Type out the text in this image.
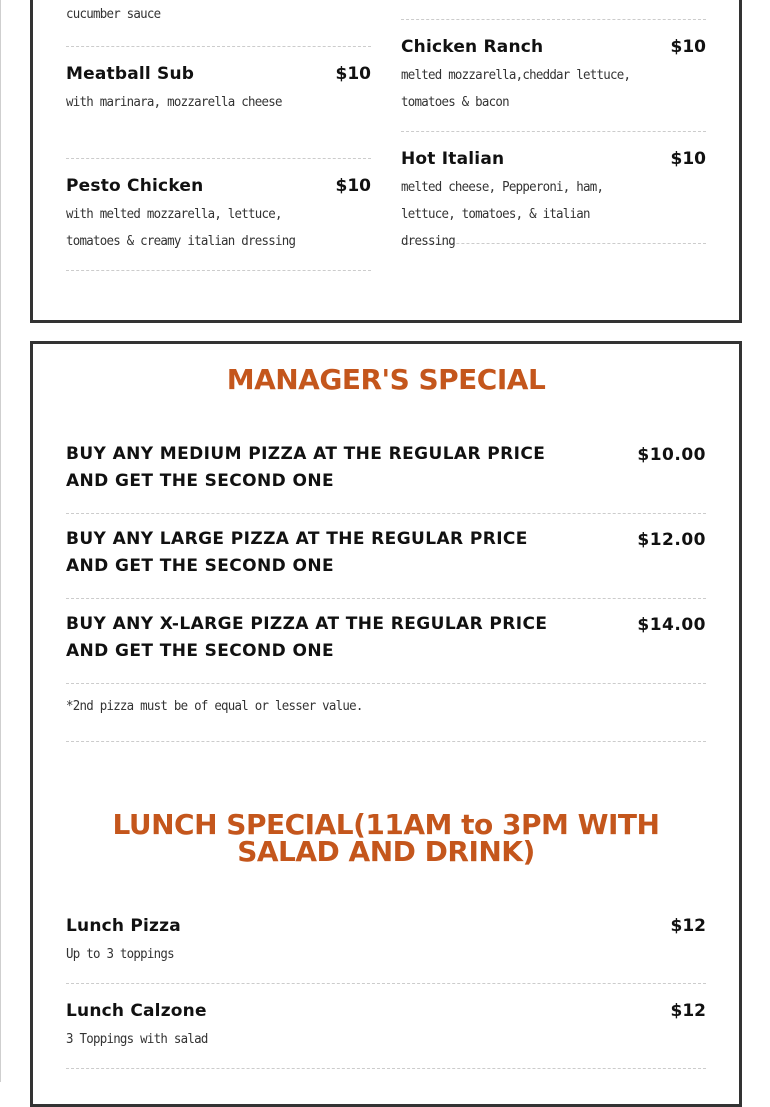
cucumber sauce
Meatball Sub	$10
with marinara, mozzarella cheese
Pesto Chicken	$10
with melted mozzarella, lettuce, tomatoes & creamy italian dressing
Chicken Ranch	$10
melted mozzarella,cheddar lettuce, tomatoes & bacon
Hot Italian	$10
melted cheese, Pepperoni, ham, lettuce, tomatoes, & italian dressing
MANAGER'S SPECIAL
BUY ANY MEDIUM PIZZA AT THE REGULAR PRICE AND GET THE SECOND ONE
$10.00
BUY ANY LARGE PIZZA AT THE REGULAR PRICE AND GET THE SECOND ONE
$12.00
BUY ANY X-LARGE PIZZA AT THE REGULAR PRICE AND GET THE SECOND ONE
$14.00
*2nd pizza must be of equal or lesser value.
LUNCH SPECIAL(11AM to 3PM WITH SALAD AND DRINK)
Lunch Pizza	$12
Up to 3 toppings
Lunch Calzone	$12
3 Toppings with salad
